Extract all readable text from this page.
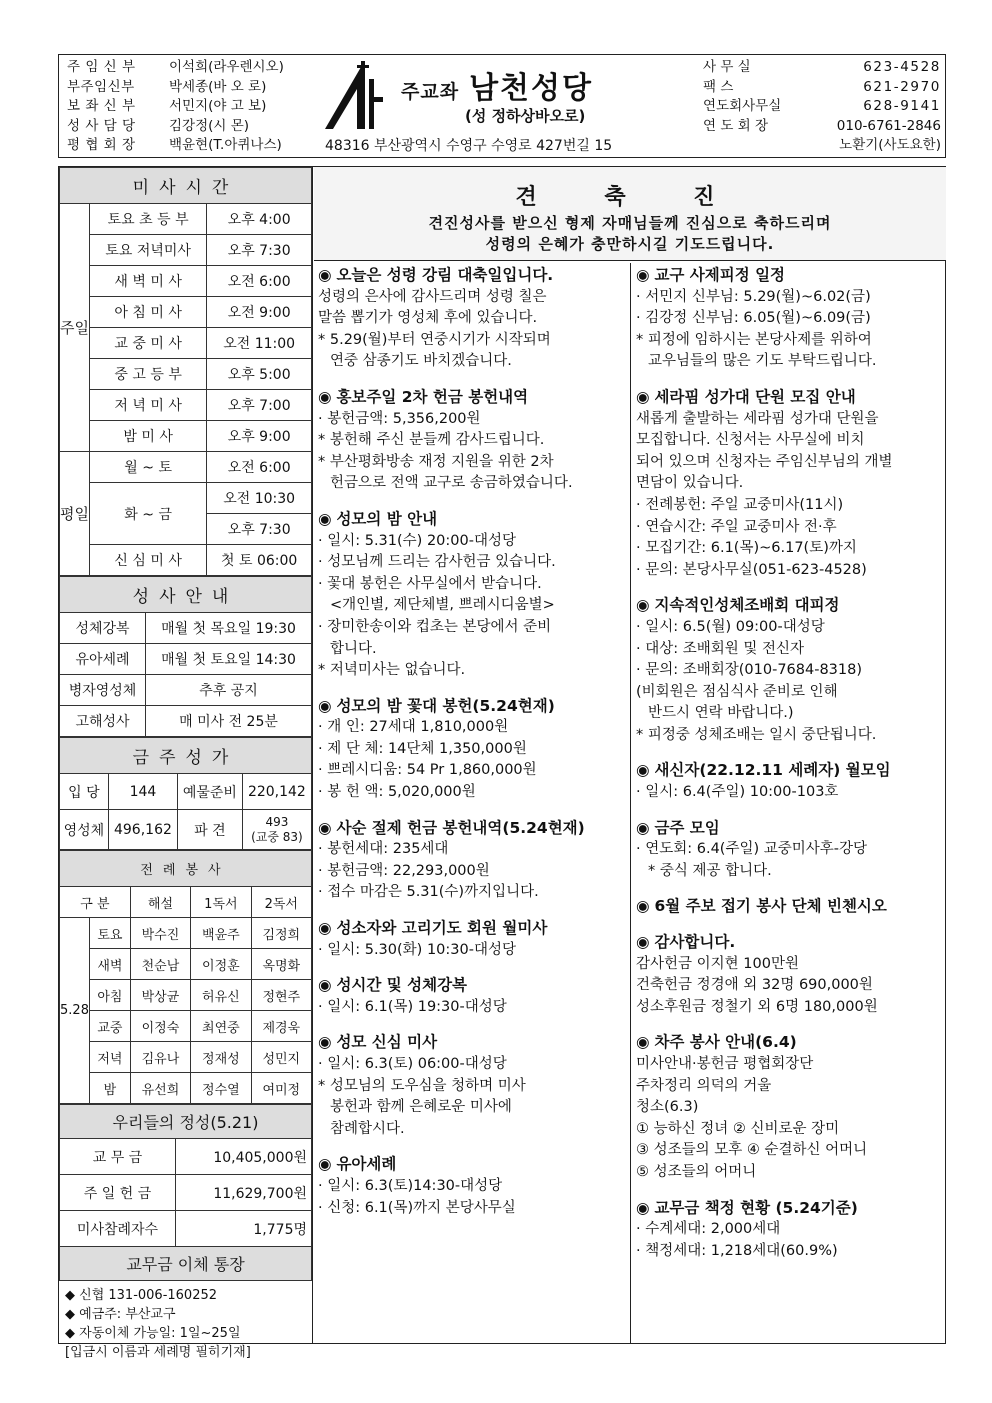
주 임 신 부	이석희(라우렌시오)
부주임신부	박세종(바 오 로)
보 좌 신 부	서민지(야 고 보)
성 사 담 당	김강정(시 몬)
평 협 회 장	백윤현(T.아퀴나스)
주교좌 남천성당
(성 정하상바오로)
48316 부산광역시 수영구 수영로 427번길 15
사 무 실	623-4528
팩 스	621-2970
연도회사무실	628-9141
연 도 회 장	010-6761-2846
노환기(사도요한)
미사시간		
주일	토요 초 등 부	오후 4:00
	토요 저녁미사	오후 7:30
	새 벽 미 사	오전 6:00
	아 침 미 사	오전 9:00
	교 중 미 사	오전 11:00
	중 고 등 부	오후 5:00
	저 녁 미 사	오후 7:00
	밤 미 사	오후 9:00
평일	월 ~ 토	오전 6:00
	화 ~ 금	오전 10:30
		오후 7:30
	신 심 미 사	첫 토 06:00
성사안내	
성체강복	매월 첫 목요일 19:30
유아세례	매월 첫 토요일 14:30
병자영성체	추후 공지
고해성사	매 미사 전 25분
금주성가			
입 당	144	예물준비	220,142
영성체	496,162	파 견	493
(교중 83)
전례봉사				
구 분		해설	1독서	2독서
5.28	토요	박수진	백윤주	김정희
	새벽	천순남	이정훈	옥명화
	아침	박상균	허유신	정현주
	교중	이정숙	최연중	제경욱
	저녁	김유나	정재성	성민지
	밤	유선희	정수열	여미정
우리들의 정성(5.21)	
교 무 금	10,405,000원
주 일 헌 금	11,629,700원
미사참례자수	1,775명
교무금 이체 통장	
◆ 신협 131-006-160252
◆ 예금주: 부산교구
◆ 자동이체 가능일: 1일~25일
[입금시 이름과 세례명 필히기재]
견 축 진
견진성사를 받으신 형제 자매님들께 진심으로 축하드리며
성령의 은혜가 충만하시길 기도드립니다.
◉ 오늘은 성령 강림 대축일입니다.
성령의 은사에 감사드리며 성령 칠은
말씀 뽑기가 영성체 후에 있습니다.
* 5.29(월)부터 연중시기가 시작되며
연중 삼종기도 바치겠습니다.
◉ 홍보주일 2차 헌금 봉헌내역
· 봉헌금액: 5,356,200원
* 봉헌해 주신 분들께 감사드립니다.
* 부산평화방송 재정 지원을 위한 2차
헌금으로 전액 교구로 송금하였습니다.
◉ 성모의 밤 안내
· 일시: 5.31(수) 20:00-대성당
· 성모님께 드리는 감사헌금 있습니다.
· 꽃대 봉헌은 사무실에서 받습니다.
<개인별, 제단체별, 쁘레시디움별>
· 장미한송이와 컵초는 본당에서 준비
합니다.
* 저녁미사는 없습니다.
◉ 성모의 밤 꽃대 봉헌(5.24현재)
· 개 인: 27세대 1,810,000원
· 제 단 체: 14단체 1,350,000원
· 쁘레시디움: 54 Pr 1,860,000원
· 봉 헌 액: 5,020,000원
◉ 사순 절제 헌금 봉헌내역(5.24현재)
· 봉헌세대: 235세대
· 봉헌금액: 22,293,000원
· 접수 마감은 5.31(수)까지입니다.
◉ 성소자와 고리기도 회원 월미사
· 일시: 5.30(화) 10:30-대성당
◉ 성시간 및 성체강복
· 일시: 6.1(목) 19:30-대성당
◉ 성모 신심 미사
· 일시: 6.3(토) 06:00-대성당
* 성모님의 도우심을 청하며 미사
봉헌과 함께 은혜로운 미사에
참례합시다.
◉ 유아세례
· 일시: 6.3(토)14:30-대성당
· 신청: 6.1(목)까지 본당사무실
◉ 교구 사제피정 일정
· 서민지 신부님: 5.29(월)~6.02(금)
· 김강정 신부님: 6.05(월)~6.09(금)
* 피정에 임하시는 본당사제를 위하여
교우님들의 많은 기도 부탁드립니다.
◉ 세라핌 성가대 단원 모집 안내
새롭게 출발하는 세라핌 성가대 단원을
모집합니다. 신청서는 사무실에 비치
되어 있으며 신청자는 주임신부님의 개별
면담이 있습니다.
· 전례봉헌: 주일 교중미사(11시)
· 연습시간: 주일 교중미사 전·후
· 모집기간: 6.1(목)~6.17(토)까지
· 문의: 본당사무실(051-623-4528)
◉ 지속적인성체조배회 대피정
· 일시: 6.5(월) 09:00-대성당
· 대상: 조배회원 및 전신자
· 문의: 조배회장(010-7684-8318)
(비회원은 점심식사 준비로 인해
반드시 연락 바랍니다.)
* 피정중 성체조배는 일시 중단됩니다.
◉ 새신자(22.12.11 세례자) 월모임
· 일시: 6.4(주일) 10:00-103호
◉ 금주 모임
· 연도회: 6.4(주일) 교중미사후-강당
* 중식 제공 합니다.
◉ 6월 주보 접기 봉사 단체 빈첸시오
◉ 감사합니다.
감사헌금 이지현 100만원
건축헌금 정경애 외 32명 690,000원
성소후원금 정철기 외 6명 180,000원
◉ 차주 봉사 안내(6.4)
미사안내·봉헌금 평협회장단
주차정리 의덕의 거울
청소(6.3)
① 능하신 정녀 ② 신비로운 장미
③ 성조들의 모후 ④ 순결하신 어머니
⑤ 성조들의 어머니
◉ 교무금 책정 현황 (5.24기준)
· 수계세대: 2,000세대
· 책정세대: 1,218세대(60.9%)
